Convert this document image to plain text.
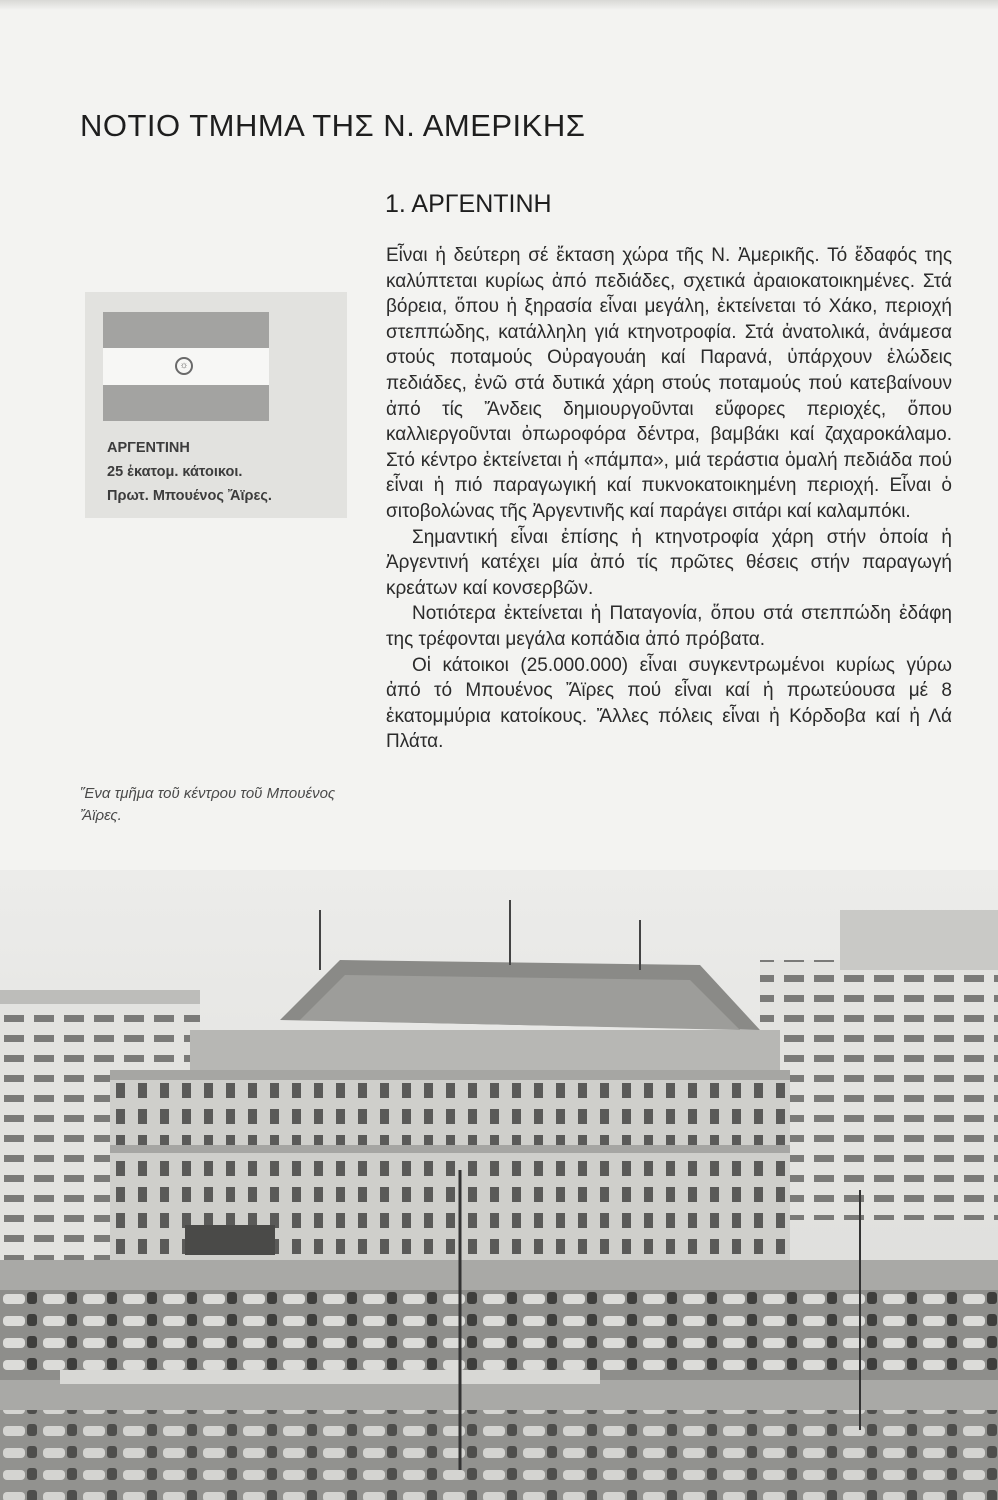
ΝΟΤΙΟ ΤΜΗΜΑ ΤΗΣ Ν. ΑΜΕΡΙΚΗΣ
1. ΑΡΓΕΝΤΙΝΗ
☼
ΑΡΓΕΝΤΙΝΗ
25 ἑκατομ. κάτοικοι.
Πρωτ. Μπουένος Ἄϊρες.

Εἶναι ἡ δεύτερη σέ ἔκταση χώρα τῆς Ν. Ἀμερικῆς. Τό ἔδαφός της καλύπτεται κυρίως ἀπό πεδιάδες, σχετικά ἀραιοκατοικημένες. Στά βόρεια, ὅπου ἡ ξηρασία εἶναι μεγάλη, ἐκτείνεται τό Χάκο, περιοχή στεππώδης, κατάλληλη γιά κτηνοτροφία. Στά ἀνατολικά, ἀνάμεσα στούς ποταμούς Οὐραγουάη καί Παρανά, ὑπάρχουν ἑλώδεις πεδιάδες, ἐνῶ στά δυτικά χάρη στούς ποταμούς πού κατεβαίνουν ἀπό τίς Ἄνδεις δημιουργοῦνται εὔφορες περιοχές, ὅπου καλλιεργοῦνται ὀπωροφόρα δέντρα, βαμβάκι καί ζαχαροκάλαμο. Στό κέντρο ἐκτείνεται ἡ «πάμπα», μιά τεράστια ὁμαλή πεδιάδα πού εἶναι ἡ πιό παραγωγική καί πυκνοκατοικημένη περιοχή. Εἶναι ὁ σιτοβολώνας τῆς Ἀργεντινῆς καί παράγει σιτάρι καί καλαμπόκι.

Σημαντική εἶναι ἐπίσης ἡ κτηνοτροφία χάρη στήν ὁποία ἡ Ἀργεντινή κατέχει μία ἀπό τίς πρῶτες θέσεις στήν παραγωγή κρεάτων καί κονσερβῶν.

Νοτιότερα ἐκτείνεται ἡ Παταγονία, ὅπου στά στεππώδη ἐδάφη της τρέφονται μεγάλα κοπάδια ἀπό πρόβατα.

Οἱ κάτοικοι (25.000.000) εἶναι συγκεντρωμένοι κυρίως γύρω ἀπό τό Μπουένος Ἄϊρες πού εἶναι καί ἡ πρωτεύουσα μέ 8 ἑκατομμύρια κατοίκους. Ἄλλες πόλεις εἶναι ἡ Κόρδοβα καί ἡ Λά Πλάτα.

Ἕνα τμῆμα τοῦ κέντρου τοῦ Μπουένος Ἄϊρες.
